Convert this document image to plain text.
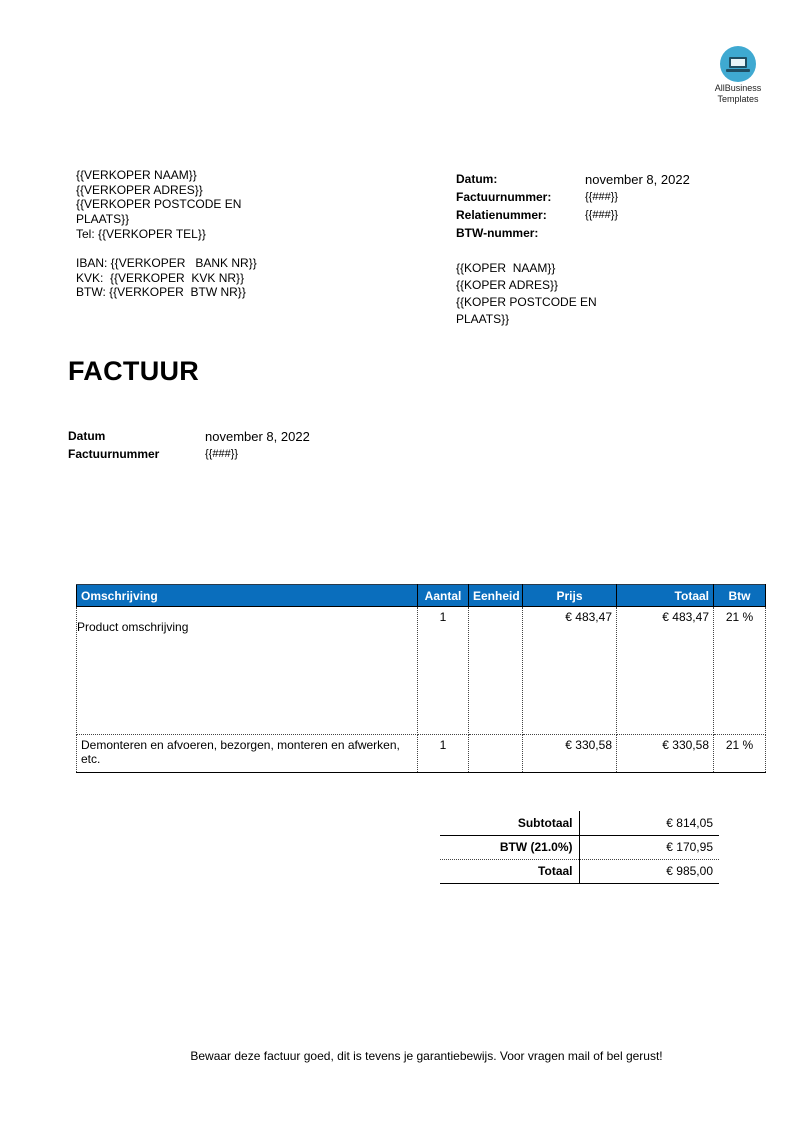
AllBusiness
Templates
{{VERKOPER NAAM}}
{{VERKOPER ADRES}}
{{VERKOPER POSTCODE EN
PLAATS}}
Tel: {{VERKOPER TEL}}
IBAN: {{VERKOPER   BANK NR}}
KVK:  {{VERKOPER  KVK NR}}
BTW: {{VERKOPER  BTW NR}}
Datum:	november 8, 2022
Factuurnummer:	{{###}}
Relatienummer:	{{###}}
BTW-nummer:
{{KOPER  NAAM}}
{{KOPER ADRES}}
{{KOPER POSTCODE EN
PLAATS}}
FACTUUR
Datum	november 8, 2022
Factuurnummer	{{###}}
Omschrijving	Aantal	Eenheid	Prijs	Totaal	Btw
Product omschrijving	1		€ 483,47	€ 483,47	21 %
Demonteren en afvoeren, bezorgen, monteren en afwerken, etc.	1		€ 330,58	€ 330,58	21 %
Subtotaal	€ 814,05
BTW (21.0%)	€ 170,95
Totaal	€ 985,00
Bewaar deze factuur goed, dit is tevens je garantiebewijs. Voor vragen mail of bel gerust!
